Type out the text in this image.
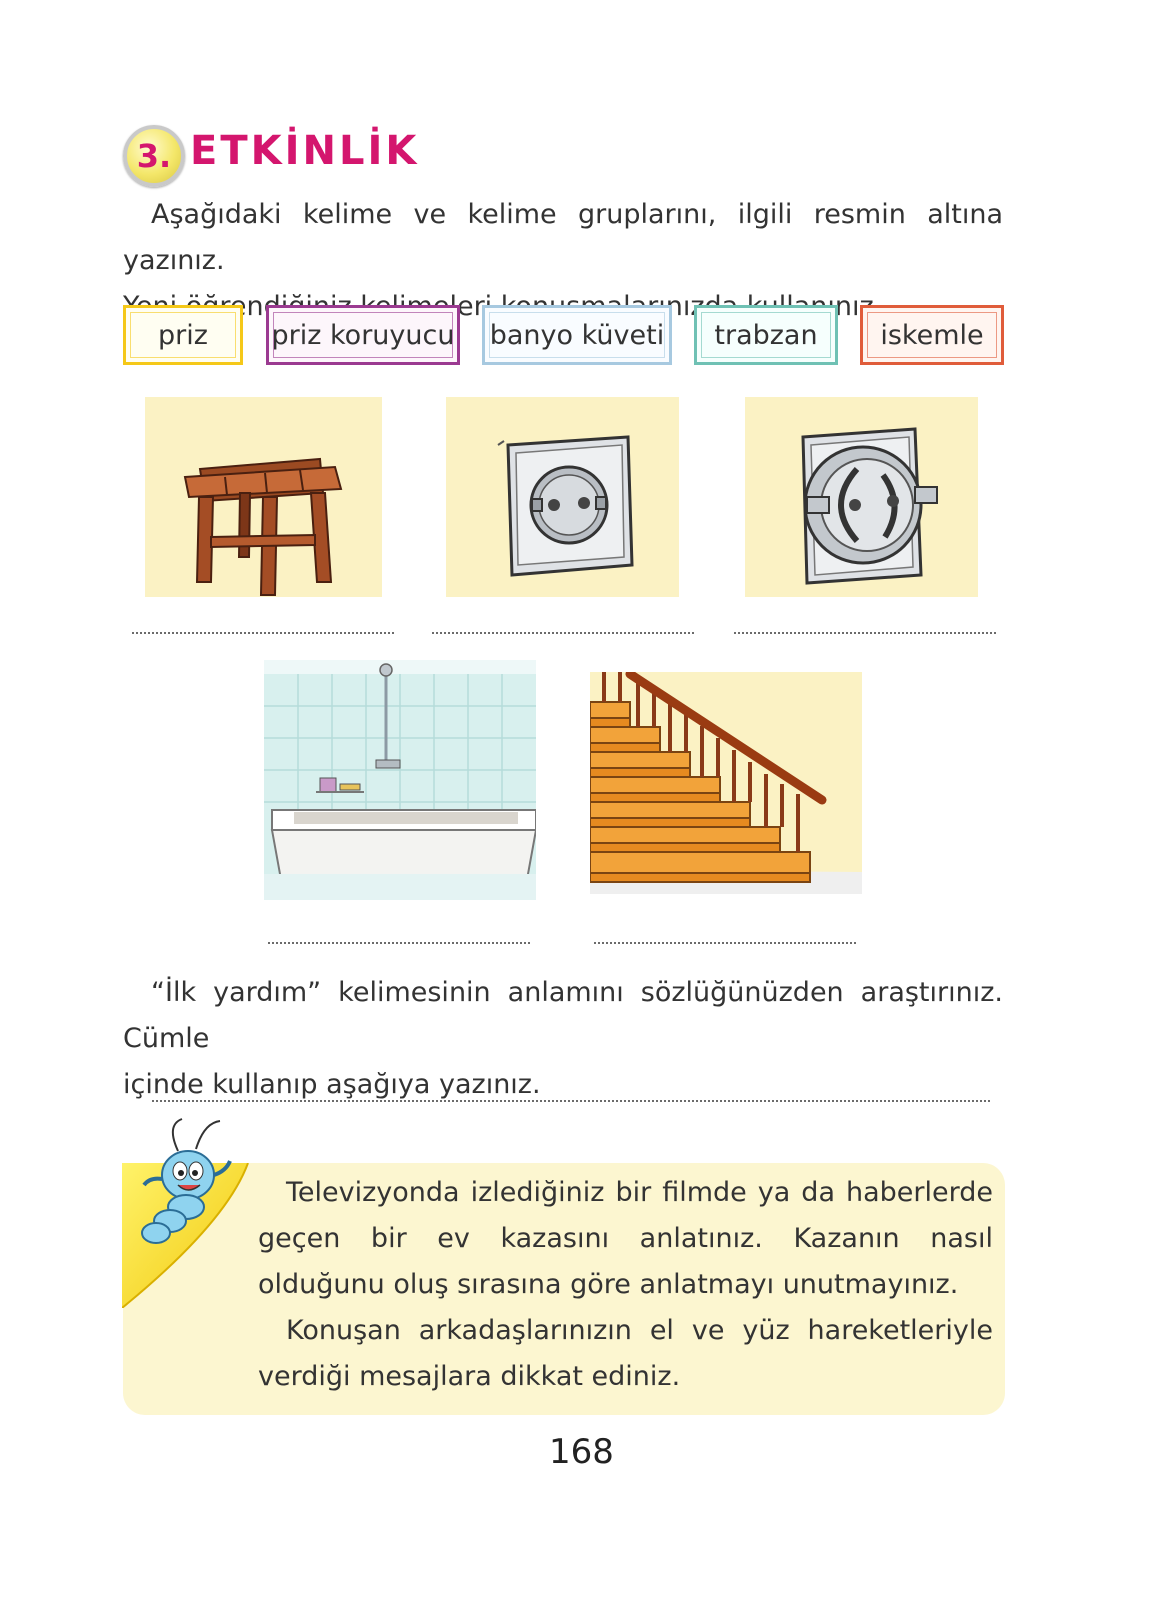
3. ETKİNLİK
Aşağıdaki kelime ve kelime gruplarını, ilgili resmin altına yazınız.
priz priz koruyucu banyo küveti trabzan iskemle
“İlk yardım” kelimesinin anlamını sözlüğünüzden araştırınız. Cümle
içinde kullanıp aşağıya yazınız.

Televizyonda izlediğiniz bir filmde ya da haberlerde geçen bir ev kazasını anlatınız. Kazanın nasıl olduğunu oluş sırasına göre anlatmayı unutmayınız.

Konuşan arkadaşlarınızın el ve yüz hareketleriyle verdiği mesajlara dikkat ediniz.

168
